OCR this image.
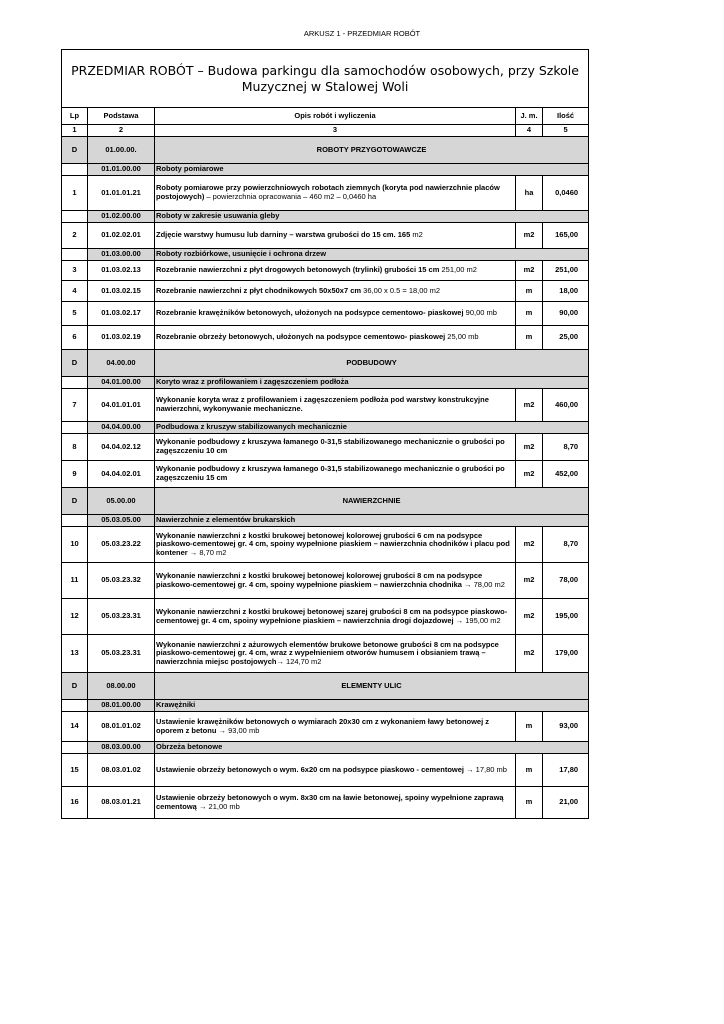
ARKUSZ 1 - PRZEDMIAR ROBÓT
PRZEDMIAR ROBÓT – Budowa parkingu dla samochodów osobowych, przy Szkole Muzycznej w Stalowej Woli				
Lp	Podstawa	Opis robót i wyliczenia	J. m.	Ilość
1	2	3	4	5
D	01.00.00.	ROBOTY PRZYGOTOWAWCZE		
	01.01.00.00	Roboty pomiarowe		
1	01.01.01.21	Roboty pomiarowe przy powierzchniowych robotach ziemnych (koryta pod nawierzchnie placów postojowych) – powierzchnia opracowania – 460 m2 – 0,0460 ha	ha	0,0460
	01.02.00.00	Roboty w zakresie usuwania gleby		
2	01.02.02.01	Zdjęcie warstwy humusu lub darniny – warstwa grubości do 15 cm. 165 m2	m2	165,00
	01.03.00.00	Roboty rozbiórkowe, usunięcie i ochrona drzew		
3	01.03.02.13	Rozebranie nawierzchni z płyt drogowych betonowych (trylinki) grubości 15 cm 251,00 m2	m2	251,00
4	01.03.02.15	Rozebranie nawierzchni z płyt chodnikowych 50x50x7 cm 36,00 x 0.5 = 18,00 m2	m	18,00
5	01.03.02.17	Rozebranie krawężników betonowych, ułożonych na podsypce cementowo- piaskowej 90,00 mb	m	90,00
6	01.03.02.19	Rozebranie obrzeży betonowych, ułożonych na podsypce cementowo- piaskowej 25,00 mb	m	25,00
D	04.00.00	PODBUDOWY		
	04.01.00.00	Koryto wraz z profilowaniem i zagęszczeniem podłoża		
7	04.01.01.01	Wykonanie koryta wraz z profilowaniem i zagęszczeniem podłoża pod warstwy konstrukcyjne nawierzchni, wykonywanie mechaniczne.	m2	460,00
	04.04.00.00	Podbudowa z kruszyw stabilizowanych mechanicznie		
8	04.04.02.12	Wykonanie podbudowy z kruszywa łamanego 0-31,5 stabilizowanego mechanicznie o grubości po zagęszczeniu 10 cm	m2	8,70
9	04.04.02.01	Wykonanie podbudowy z kruszywa łamanego 0-31,5 stabilizowanego mechanicznie o grubości po zagęszczeniu 15 cm	m2	452,00
D	05.00.00	NAWIERZCHNIE		
	05.03.05.00	Nawierzchnie z elementów brukarskich		
10	05.03.23.22	Wykonanie nawierzchni z kostki brukowej betonowej kolorowej grubości 6 cm na podsypce piaskowo-cementowej gr. 4 cm, spoiny wypełnione piaskiem – nawierzchnia chodników i placu pod kontener → 8,70 m2	m2	8,70
11	05.03.23.32	Wykonanie nawierzchni z kostki brukowej betonowej kolorowej grubości 8 cm na podsypce piaskowo-cementowej gr. 4 cm, spoiny wypełnione piaskiem – nawierzchnia chodnika → 78,00 m2	m2	78,00
12	05.03.23.31	Wykonanie nawierzchni z kostki brukowej betonowej szarej grubości 8 cm na podsypce piaskowo-cementowej gr. 4 cm, spoiny wypełnione piaskiem – nawierzchnia drogi dojazdowej → 195,00 m2	m2	195,00
13	05.03.23.31	Wykonanie nawierzchni z ażurowych elementów brukowe betonowe grubości 8 cm na podsypce piaskowo-cementowej gr. 4 cm, wraz z wypełnieniem otworów humusem i obsianiem trawą – nawierzchnia miejsc postojowych→ 124,70 m2	m2	179,00
D	08.00.00	ELEMENTY ULIC		
	08.01.00.00	Krawężniki		
14	08.01.01.02	Ustawienie krawężników betonowych o wymiarach 20x30 cm z wykonaniem ławy betonowej z oporem z betonu → 93,00 mb	m	93,00
	08.03.00.00	Obrzeża betonowe		
15	08.03.01.02	Ustawienie obrzeży betonowych o wym. 6x20 cm na podsypce piaskowo - cementowej → 17,80 mb	m	17,80
16	08.03.01.21	Ustawienie obrzeży betonowych o wym. 8x30 cm na ławie betonowej, spoiny wypełnione zaprawą cementową → 21,00 mb	m	21,00
